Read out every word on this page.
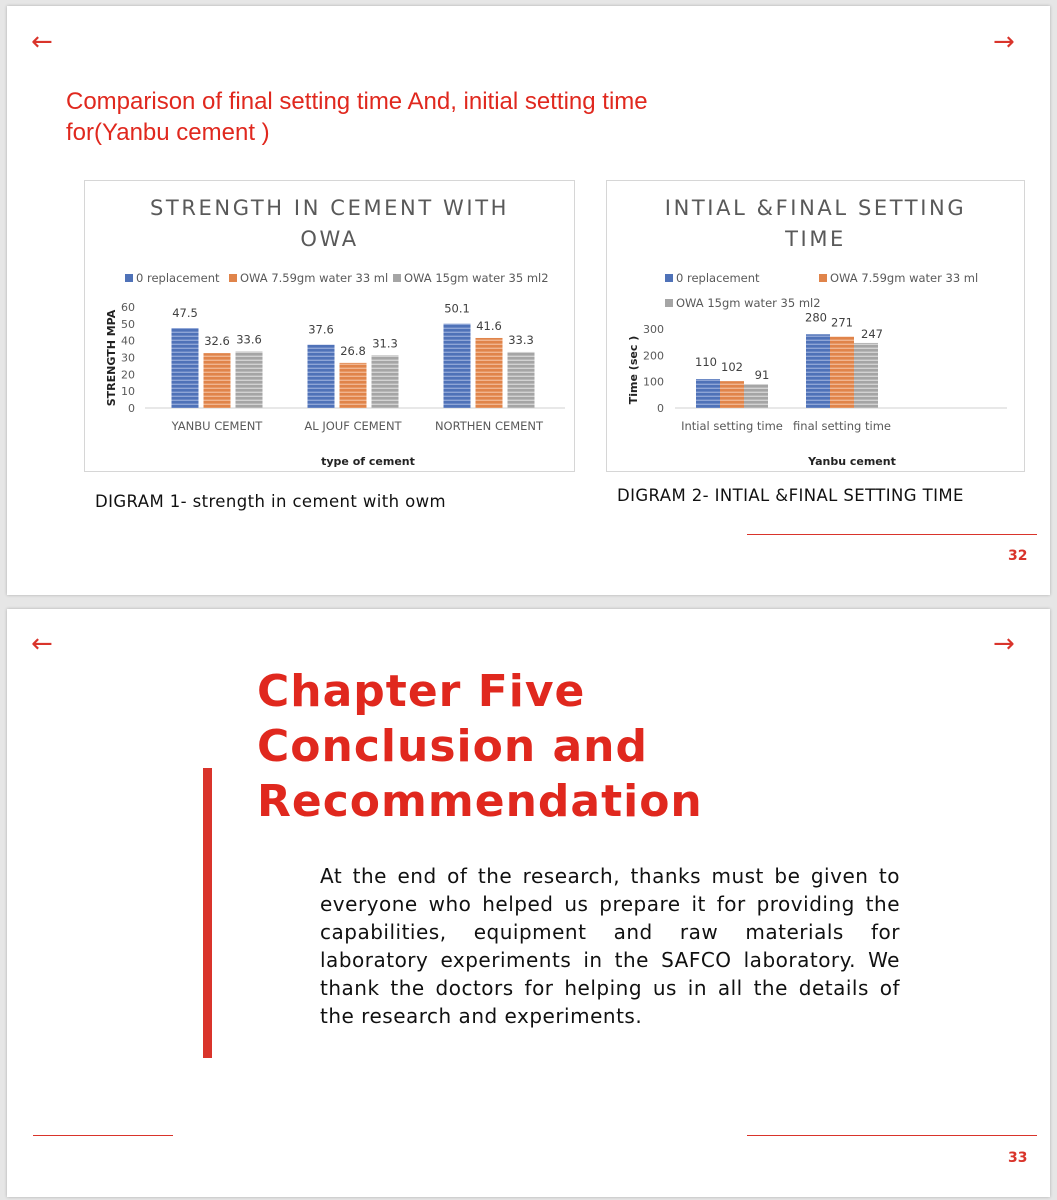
←	→
Comparison of final setting time And, initial setting time
for(Yanbu cement )
STRENGTH IN CEMENT WITH
OWA
0 replacement	OWA 7.59gm water 33 ml	OWA 15gm water 35 ml2
0
10
20
30
40
50
60	47.5
32.6 33.6
YANBU CEMENT
37.6
26.8
31.3
AL JOUF CEMENT
50.1
41.6
33.3
NORTHEN CEMENT
type of cement
STRENGTH MPA
INTIAL &FINAL SETTING
TIME
0 replacement	OWA 7.59gm water 33 ml
OWA 15gm water 35 ml2
0
100
200
300
110 102
91
Intial setting time
280 271
247
final setting time
Yanbu cement
Time (sec )
DIGRAM 1- strength in cement with owm	DIGRAM 2- INTIAL &FINAL SETTING TIME
32
←	→
Chapter Five
Conclusion and
Recommendation
At the end of the research, thanks must be given to everyone who helped us prepare it for providing the capabilities, equipment and raw materials for laboratory experiments in the SAFCO laboratory. We thank the doctors for helping us in all the details of the research and experiments.
33
